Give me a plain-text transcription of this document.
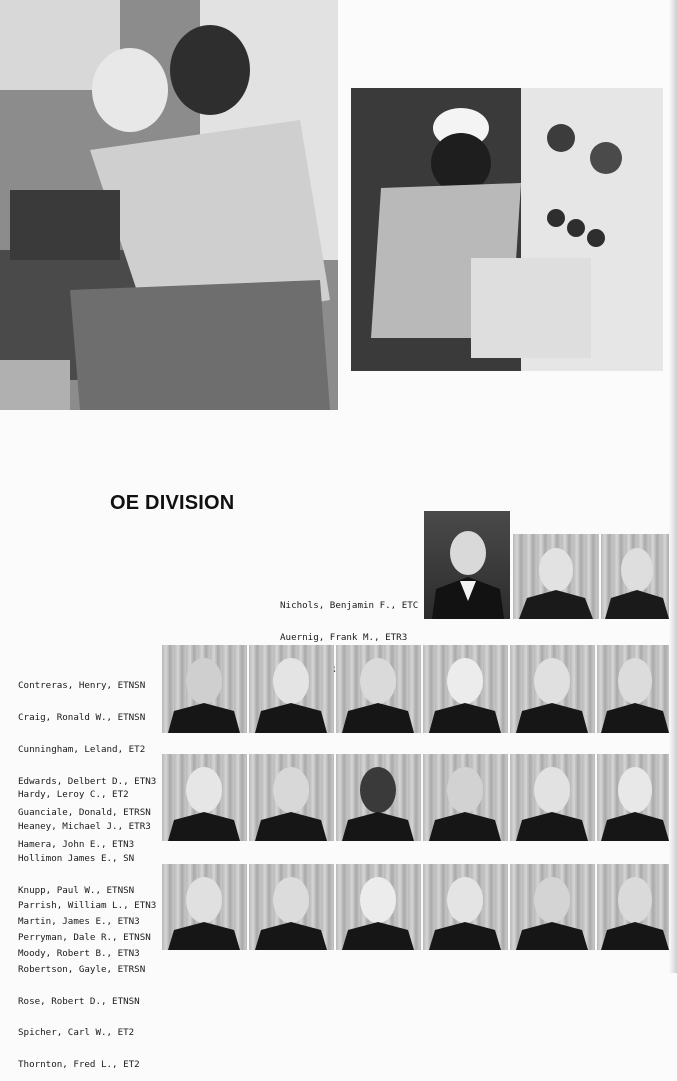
OE DIVISION

Nichols, Benjamin F., ETC

Auernig, Frank M., ETR3

Contreras, Henry, ETNSN

Craig, Ronald W., ETNSN

Cunningham, Leland, ET2

Edwards, Delbert D., ETN3

Guanciale, Donald, ETRSN

Hamera, John E., ETN3

Hardy, Leroy C., ET2

Heaney, Michael J., ETR3

Hollimon James E., SN

Knupp, Paul W., ETNSN

Martin, James E., ETN3

Moody, Robert B., ETN3

Parrish, William L., ETN3

Perryman, Dale R., ETNSN

Robertson, Gayle, ETRSN

Rose, Robert D., ETNSN

Spicher, Carl W., ET2

Thornton, Fred L., ET2
